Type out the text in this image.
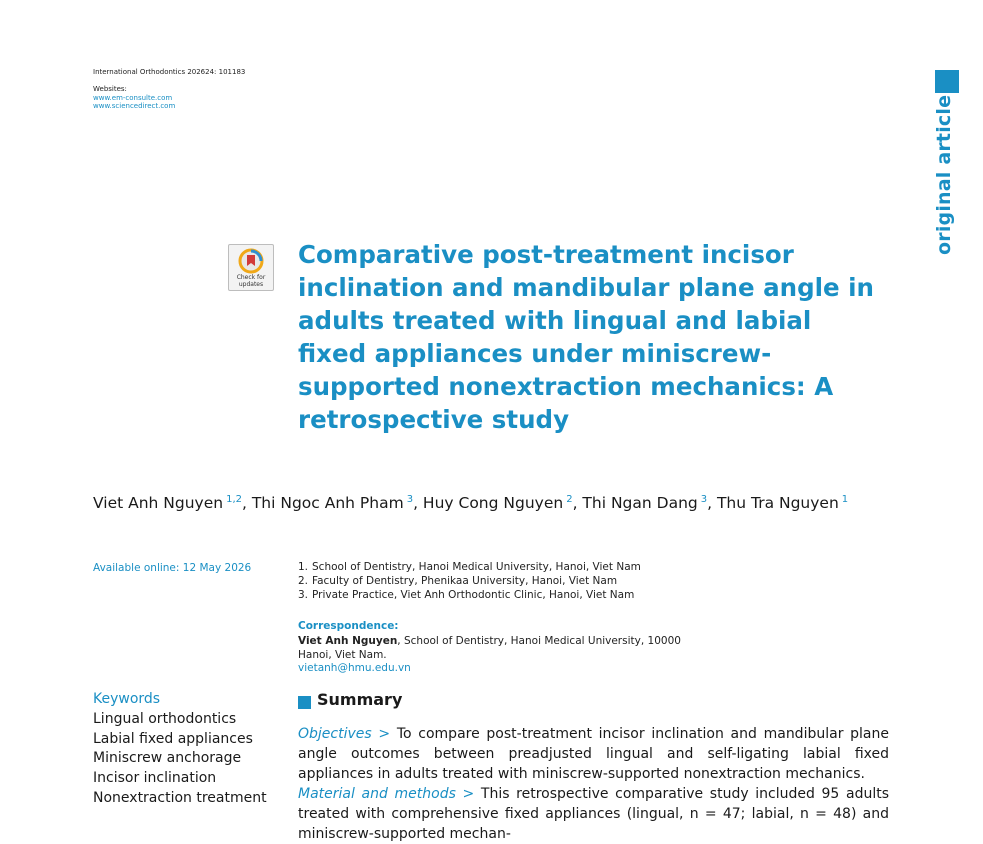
International Orthodontics 202624: 101183
Websites:
www.em-consulte.com
www.sciencedirect.com	original article
Check for
updates
Comparative post-treatment incisor inclination and mandibular plane angle in adults treated with lingual and labial fixed appliances under miniscrew-supported nonextraction mechanics: A retrospective study
Viet Anh Nguyen $^{1,2}$, Thi Ngoc Anh Pham $^3$, Huy Cong Nguyen $^2$, Thi Ngan Dang $^3$, Thu Tra Nguyen $^1$
Available online: 12 May 2026	1. School of Dentistry, Hanoi Medical University, Hanoi, Viet Nam
2. Faculty of Dentistry, Phenikaa University, Hanoi, Viet Nam
3. Private Practice, Viet Anh Orthodontic Clinic, Hanoi, Viet Nam
Correspondence:
Viet Anh Nguyen, School of Dentistry, Hanoi Medical University, 10000 Hanoi, Viet Nam.
vietanh@hmu.edu.vn
Keywords
Lingual orthodontics
Labial fixed appliances
Miniscrew anchorage
Incisor inclination
Nonextraction treatment
Summary

Objectives > To compare post-treatment incisor inclination and mandibular plane angle outcomes between preadjusted lingual and self-ligating labial fixed appliances in adults treated with miniscrew-supported nonextraction mechanics.

Material and methods > This retrospective comparative study included 95 adults treated with comprehensive fixed appliances (lingual, n = 47; labial, n = 48) and miniscrew-supported mechan-
